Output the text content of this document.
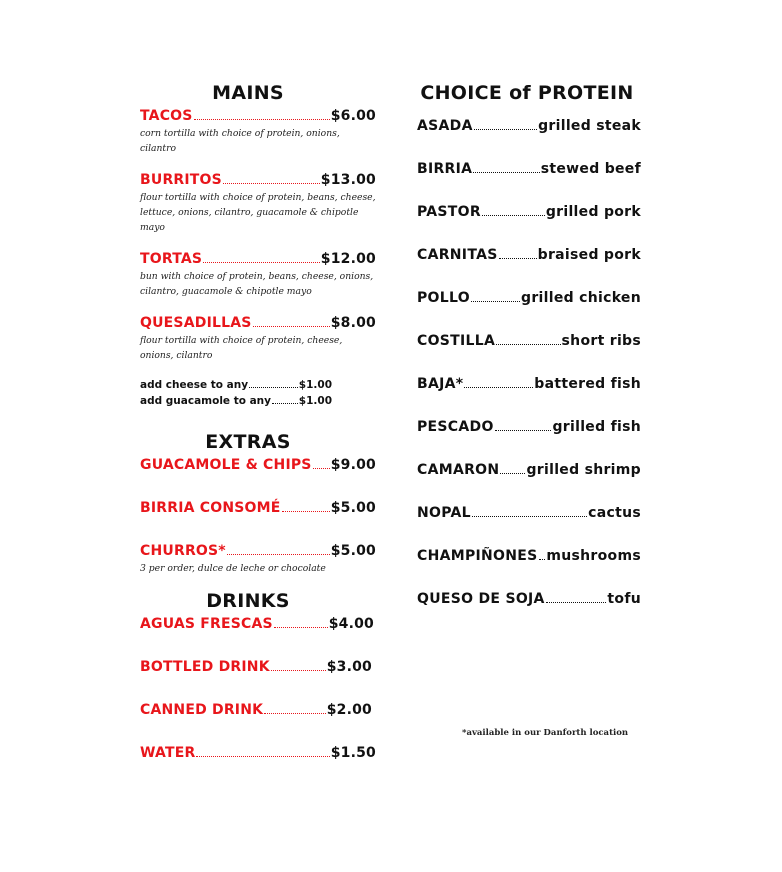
MAINS
TACOS	$6.00
corn tortilla with choice of protein, onions, cilantro
BURRITOS	$13.00
flour tortilla with choice of protein, beans, cheese, lettuce, onions, cilantro, guacamole & chipotle mayo
TORTAS	$12.00
bun with choice of protein, beans, cheese, onions, cilantro, guacamole & chipotle mayo
QUESADILLAS	$8.00
flour tortilla with choice of protein, cheese, onions, cilantro
add cheese to any	$1.00
add guacamole to any	$1.00
EXTRAS
GUACAMOLE & CHIPS $9.00
BIRRIA CONSOMÉ	$5.00
CHURROS*	$5.00
3 per order, dulce de leche or chocolate
DRINKS
AGUAS FRESCAS	$4.00
BOTTLED DRINK	$3.00
CANNED DRINK	$2.00
WATER	$1.50
CHOICE of PROTEIN
ASADA	grilled steak
BIRRIA	stewed beef
PASTOR	grilled pork
CARNITAS	braised pork
POLLO	grilled chicken
COSTILLA	short ribs
BAJA*	battered fish
PESCADO	grilled fish
CAMARON grilled shrimp
NOPAL	cactus
CHAMPIÑONES mushrooms
QUESO DE SOJA	tofu
*available in our Danforth location
